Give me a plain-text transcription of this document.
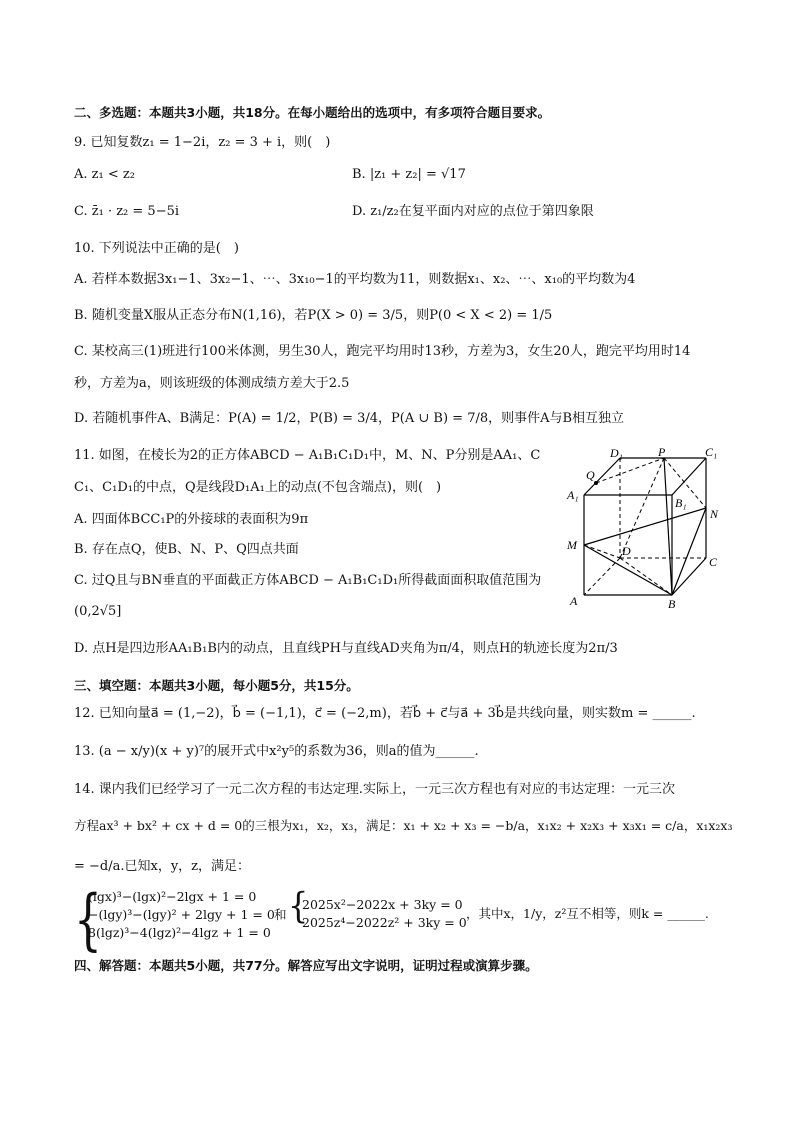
二、多选题：本题共3小题，共18分。在每小题给出的选项中，有多项符合题目要求。
9. 已知复数z₁ = 1−2i，z₂ = 3 + i，则(　)
A. z₁ < z₂	B. |z₁ + z₂| = √17
C. z̄₁ · z₂ = 5−5i	D. z₁/z₂在复平面内对应的点位于第四象限
10. 下列说法中正确的是(　)
A. 若样本数据3x₁−1、3x₂−1、⋯、3x₁₀−1的平均数为11，则数据x₁、x₂、⋯、x₁₀的平均数为4
B. 随机变量X服从正态分布N(1,16)，若P(X > 0) = 3/5，则P(0 < X < 2) = 1/5
C. 某校高三(1)班进行100米体测，男生30人，跑完平均用时13秒，方差为3，女生20人，跑完平均用时14
秒，方差为a，则该班级的体测成绩方差大于2.5
D. 若随机事件A、B满足：P(A) = 1/2，P(B) = 3/4，P(A ∪ B) = 7/8，则事件A与B相互独立
11. 如图，在棱长为2的正方体ABCD − A₁B₁C₁D₁中，M、N、P分别是AA₁、C
C₁、C₁D₁的中点，Q是线段D₁A₁上的动点(不包含端点)，则(　)
A. 四面体BCC₁P的外接球的表面积为9π
B. 存在点Q，使B、N、P、Q四点共面
C. 过Q且与BN垂直的平面截正方体ABCD − A₁B₁C₁D₁所得截面面积取值范围为
(0,2√5]
D. 点H是四边形AA₁B₁B内的动点，且直线PH与直线AD夹角为π/4，则点H的轨迹长度为2π/3
D₁	P	C₁
Q
A₁
B₁
N
M	D
C
A	B
三、填空题：本题共3小题，每小题5分，共15分。
12. 已知向量a⃗ = (1,−2)，b⃗ = (−1,1)，c⃗ = (−2,m)，若b⃗ + c⃗与a⃗ + 3b⃗是共线向量，则实数m = ______.
13. (a − x/y)(x + y)⁷的展开式中x²y⁵的系数为36，则a的值为______.
14. 课内我们已经学习了一元二次方程的韦达定理.实际上，一元三次方程也有对应的韦达定理：一元三次
方程ax³ + bx² + cx + d = 0的三根为x₁，x₂，x₃，满足：x₁ + x₂ + x₃ = −b/a，x₁x₂ + x₂x₃ + x₃x₁ = c/a，x₁x₂x₃
= −d/a.已知x，y，z，满足：
{
(lgx)³−(lgx)²−2lgx + 1 = 0
−(lgy)³−(lgy)² + 2lgy + 1 = 0
8(lgz)³−4(lgz)²−4lgz + 1 = 0
和 {
2025x²−2022x + 3ky = 0
2025z⁴−2022z² + 3ky = 0
，其中x，1/y，z²互不相等，则k = ______.
四、解答题：本题共5小题，共77分。解答应写出文字说明，证明过程或演算步骤。
